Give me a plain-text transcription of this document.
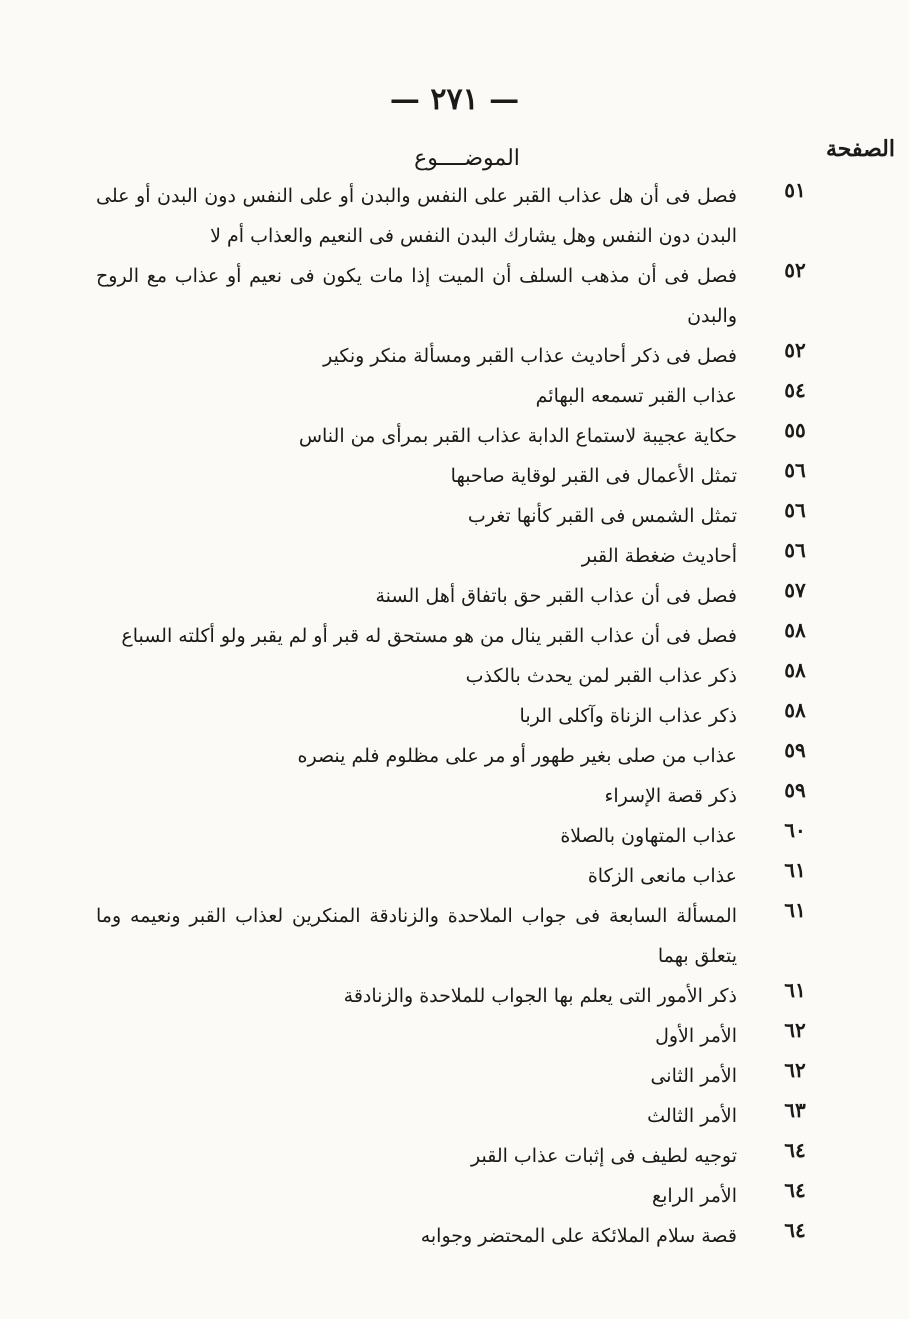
— ٢٧١ —
الصفحة
الموضــــوع
٥١
فصل فى أن هل عذاب القبر على النفس والبدن أو على النفس دون البدن أو على البدن دون النفس وهل يشارك البدن النفس فى النعيم والعذاب أم لا
٥٢
فصل فى أن مذهب السلف أن الميت إذا مات يكون فى نعيم أو عذاب مع الروح والبدن
٥٢
فصل فى ذكر أحاديث عذاب القبر ومسألة منكر ونكير
٥٤
عذاب القبر تسمعه البهائم
٥٥
حكاية عجيبة لاستماع الدابة عذاب القبر بمرأى من الناس
٥٦
تمثل الأعمال فى القبر لوقاية صاحبها
٥٦
تمثل الشمس فى القبر كأنها تغرب
٥٦
أحاديث ضغطة القبر
٥٧
فصل فى أن عذاب القبر حق باتفاق أهل السنة
٥٨
فصل فى أن عذاب القبر ينال من هو مستحق له قبر أو لم يقبر ولو أكلته السباع
٥٨
ذكر عذاب القبر لمن يحدث بالكذب
٥٨
ذكر عذاب الزناة وآكلى الربا
٥٩
عذاب من صلى بغير طهور أو مر على مظلوم فلم ينصره
٥٩
ذكر قصة الإسراء
٦٠
عذاب المتهاون بالصلاة
٦١
عذاب مانعى الزكاة
٦١
المسألة السابعة فى جواب الملاحدة والزنادقة المنكرين لعذاب القبر ونعيمه وما يتعلق بهما
٦١
ذكر الأمور التى يعلم بها الجواب للملاحدة والزنادقة
٦٢
الأمر الأول
٦٢
الأمر الثانى
٦٣
الأمر الثالث
٦٤
توجيه لطيف فى إثبات عذاب القبر
٦٤
الأمر الرابع
٦٤
قصة سلام الملائكة على المحتضر وجوابه
